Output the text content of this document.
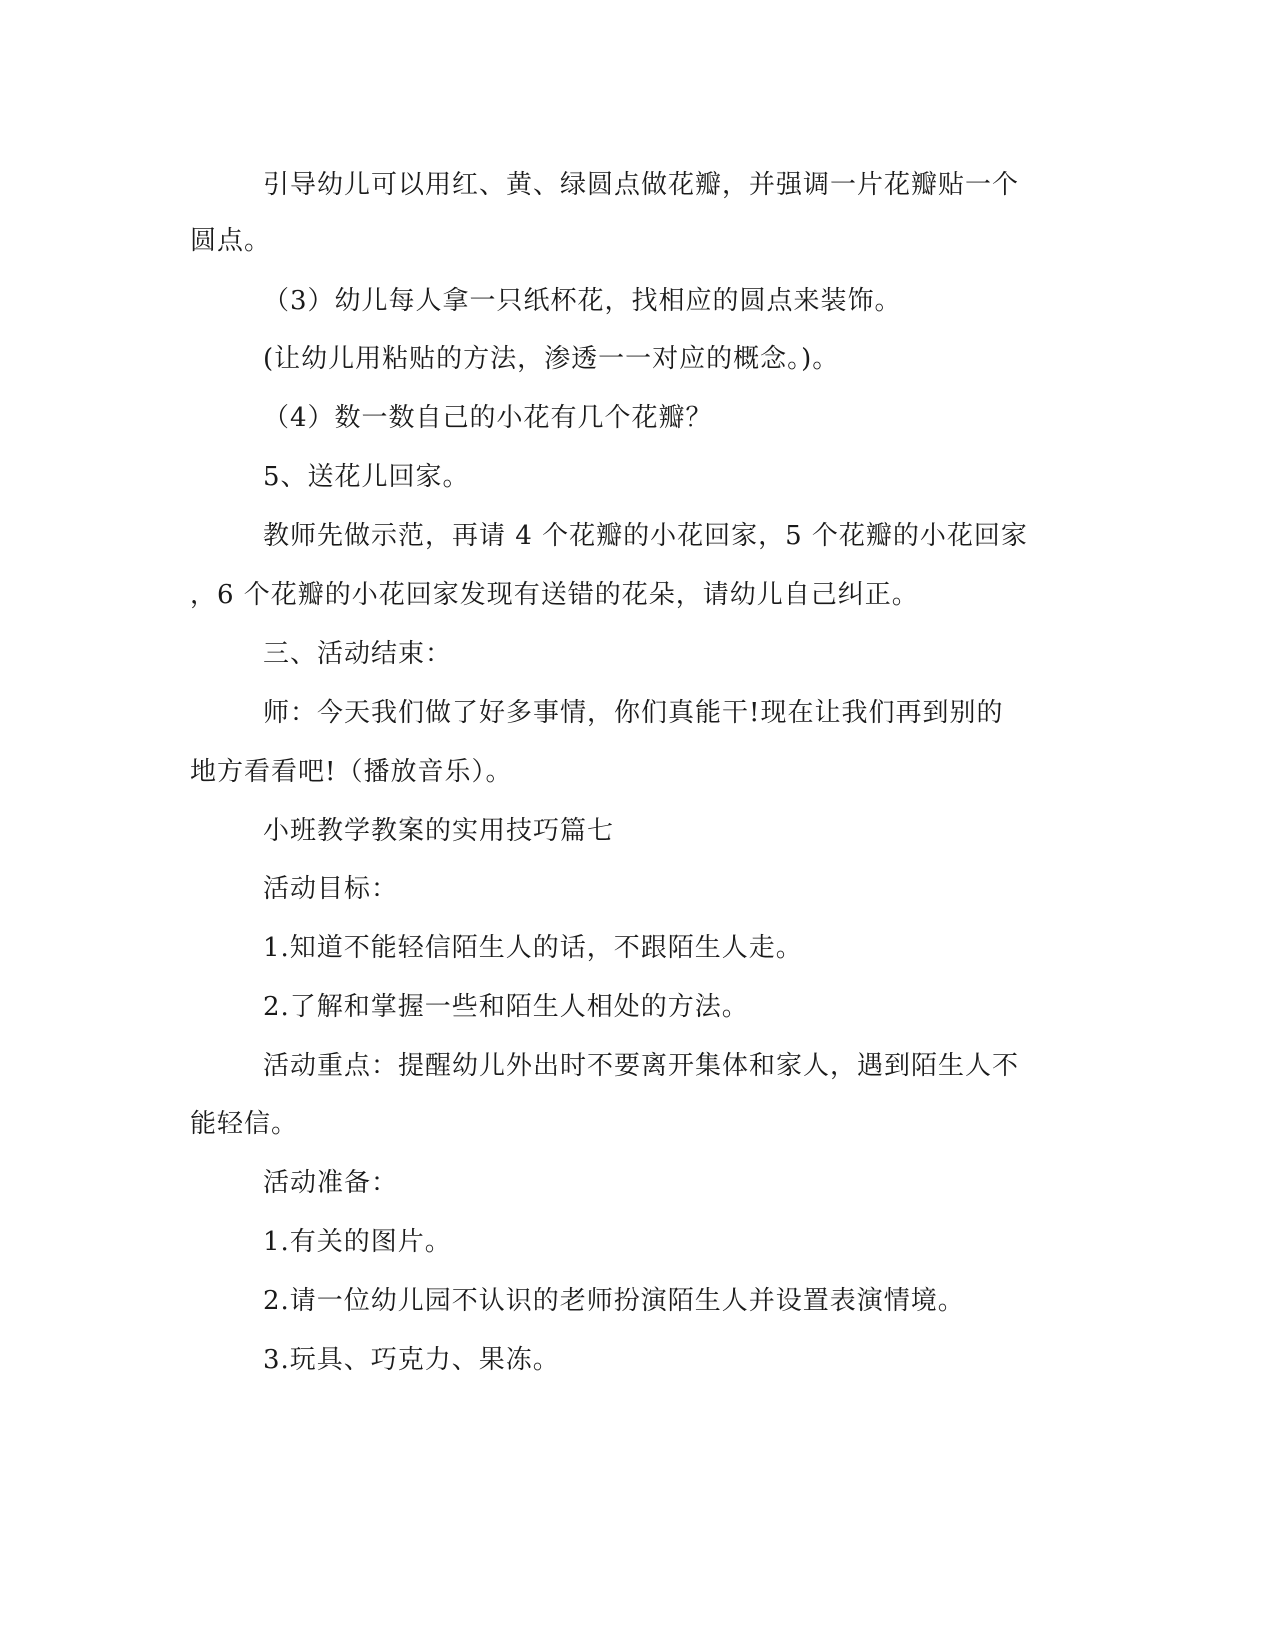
引导幼儿可以用红、黄、绿圆点做花瓣，并强调一片花瓣贴一个
圆点。
（3）幼儿每人拿一只纸杯花，找相应的圆点来装饰。
(让幼儿用粘贴的方法，渗透一一对应的概念。)。
（4）数一数自己的小花有几个花瓣？
5、送花儿回家。
教师先做示范，再请 4 个花瓣的小花回家，5 个花瓣的小花回家
，6 个花瓣的小花回家发现有送错的花朵，请幼儿自己纠正。
三、活动结束：
师：今天我们做了好多事情，你们真能干!现在让我们再到别的
地方看看吧!（播放音乐）。
小班教学教案的实用技巧篇七
活动目标：
1.知道不能轻信陌生人的话，不跟陌生人走。
2.了解和掌握一些和陌生人相处的方法。
活动重点：提醒幼儿外出时不要离开集体和家人，遇到陌生人不
能轻信。
活动准备：
1.有关的图片。
2.请一位幼儿园不认识的老师扮演陌生人并设置表演情境。
3.玩具、巧克力、果冻。
